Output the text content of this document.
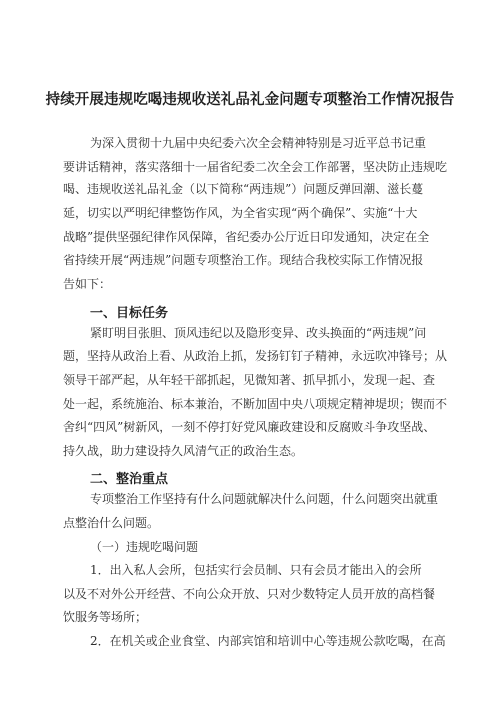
持续开展违规吃喝违规收送礼品礼金问题专项整治工作情况报告
为深入贯彻十九届中央纪委六次全会精神特别是习近平总书记重
要讲话精神，落实落细十一届省纪委二次全会工作部署，坚决防止违规吃
喝、违规收送礼品礼金（以下简称“两违规”）问题反弹回潮、滋长蔓
延，切实以严明纪律整饬作风，为全省实现“两个确保”、实施“十大
战略”提供坚强纪律作风保障，省纪委办公厅近日印发通知，决定在全
省持续开展“两违规”问题专项整治工作。现结合我校实际工作情况报
告如下：
一、目标任务
紧盯明目张胆、顶风违纪以及隐形变异、改头换面的“两违规”问
题，坚持从政治上看、从政治上抓，发扬钉钉子精神，永远吹冲锋号；从
领导干部严起，从年轻干部抓起，见微知著、抓早抓小，发现一起、查
处一起，系统施治、标本兼治，不断加固中央八项规定精神堤坝；锲而不
舍纠“四风”树新风，一刻不停打好党风廉政建设和反腐败斗争攻坚战、
持久战，助力建设持久风清气正的政治生态。
二、整治重点
专项整治工作坚持有什么问题就解决什么问题，什么问题突出就重
点整治什么问题。
（一）违规吃喝问题
1．出入私人会所，包括实行会员制、只有会员才能出入的会所
以及不对外公开经营、不向公众开放、只对少数特定人员开放的高档餐
饮服务等场所；
2．在机关或企业食堂、内部宾馆和培训中心等违规公款吃喝，在高
